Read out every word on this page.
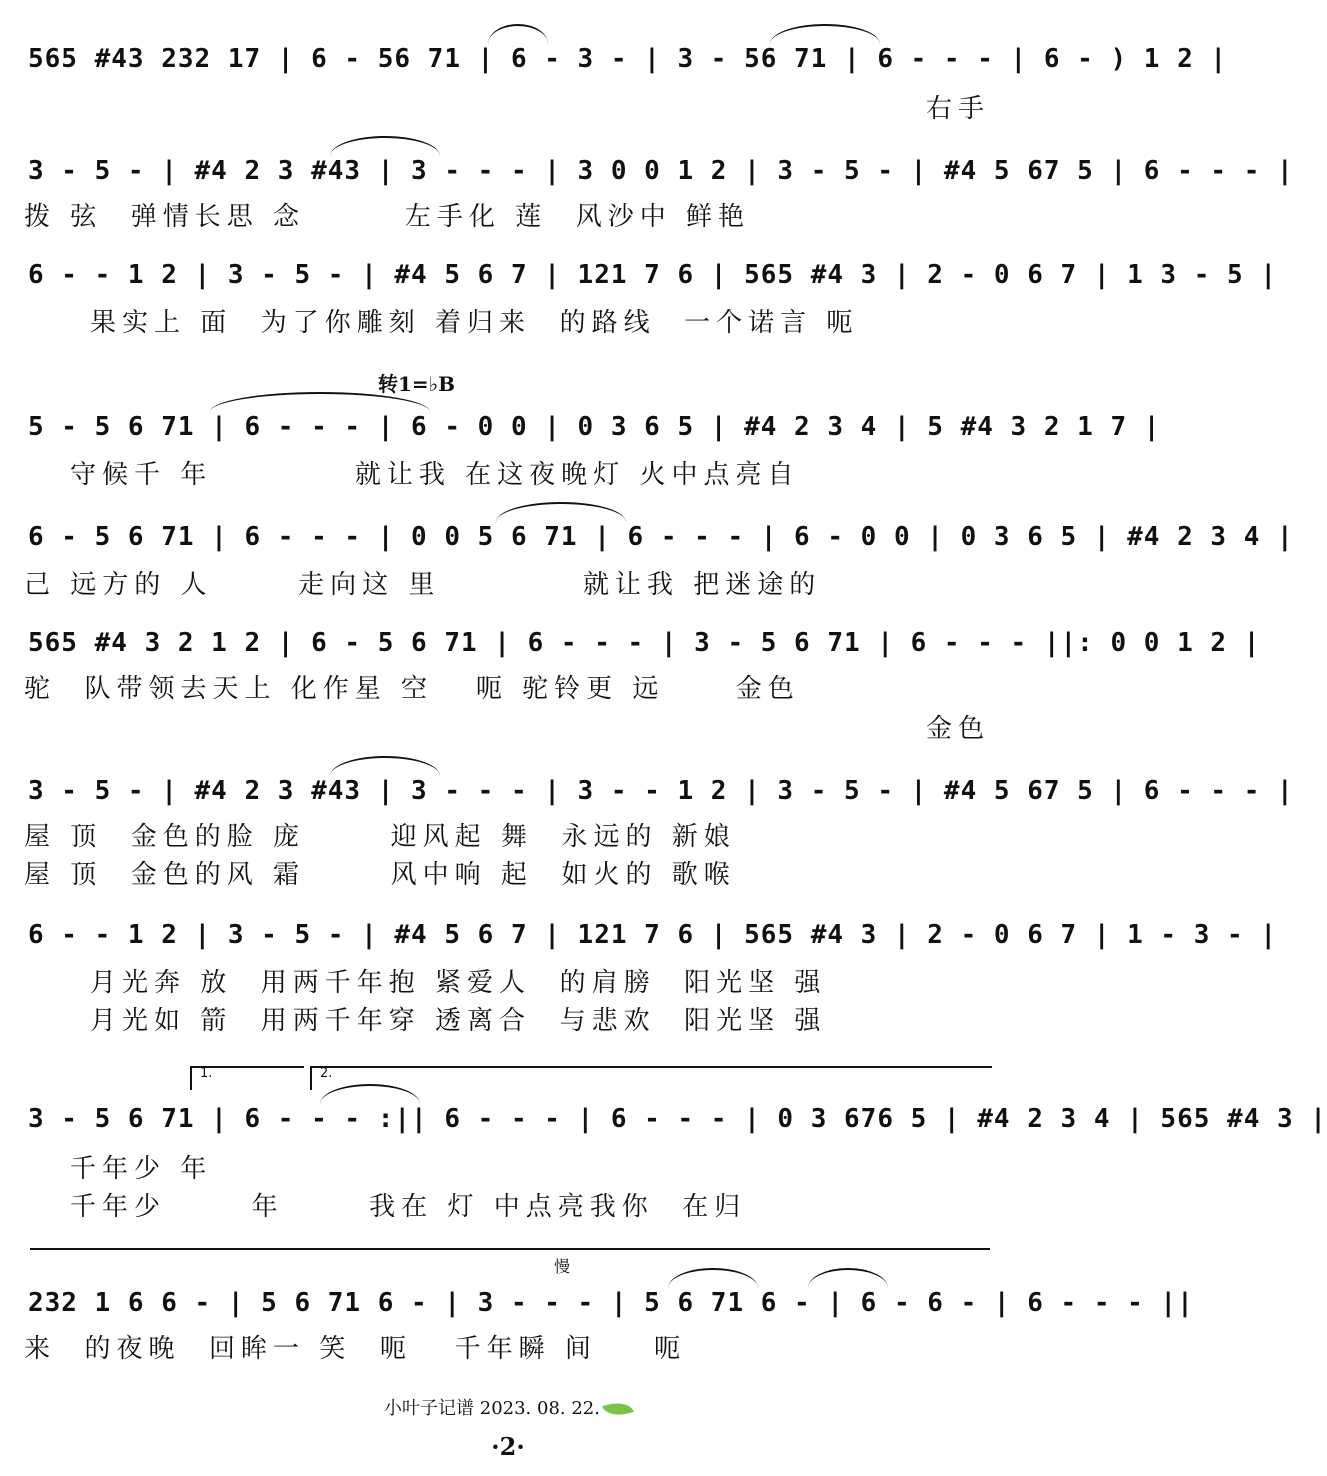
565 #43 232 17 | 6 - 56 71 | 6 - 3 - | 3 - 56 71 | 6 - - - | 6 - ) 1 2 |
右手
3 - 5 - | #4 2 3 #43 | 3 - - - | 3 0 0 1 2 | 3 - 5 - | #4 5 67 5 | 6 - - - |
拨 弦  弹情长思 念       左手化 莲  风沙中 鲜艳
6 - - 1 2 | 3 - 5 - | #4 5 6 7 | 121 7 6 | 565 #4 3 | 2 - 0 6 7 | 1 3 - 5 |
果实上 面  为了你雕刻 着归来  的路线  一个诺言 呃
转1=♭B
5 - 5 6 71 | 6 - - - | 6 - 0 0 | 0 3 6 5 | #4 2 3 4 | 5 #4 3 2 1 7 |
守候千 年          就让我 在这夜晚灯 火中点亮自
6 - 5 6 71 | 6 - - - | 0 0 5 6 71 | 6 - - - | 6 - 0 0 | 0 3 6 5 | #4 2 3 4 |
己 远方的 人      走向这 里          就让我 把迷途的
565 #4 3 2 1 2 | 6 - 5 6 71 | 6 - - - | 3 - 5 6 71 | 6 - - - ||: 0 0 1 2 |
驼  队带领去天上 化作星 空   呃 驼铃更 远     金色
金色
3 - 5 - | #4 2 3 #43 | 3 - - - | 3 - - 1 2 | 3 - 5 - | #4 5 67 5 | 6 - - - |
屋 顶  金色的脸 庞      迎风起 舞  永远的 新娘
屋 顶  金色的风 霜      风中响 起  如火的 歌喉
6 - - 1 2 | 3 - 5 - | #4 5 6 7 | 121 7 6 | 565 #4 3 | 2 - 0 6 7 | 1 - 3 - |
月光奔 放  用两千年抱 紧爱人  的肩膀  阳光坚 强
月光如 箭  用两千年穿 透离合  与悲欢  阳光坚 强
1.	2.
3 - 5 6 71 | 6 - - - :|| 6 - - - | 6 - - - | 0 3 676 5 | #4 2 3 4 | 565 #4 3 |
千年少 年
千年少      年      我在 灯 中点亮我你  在归
慢
232 1 6 6 - | 5 6 71 6 - | 3 - - - | 5 6 71 6 - | 6 - 6 - | 6 - - - ||
来  的夜晚  回眸一 笑  呃   千年瞬 间    呃
小叶子记谱 2023. 08. 22.
·2·
